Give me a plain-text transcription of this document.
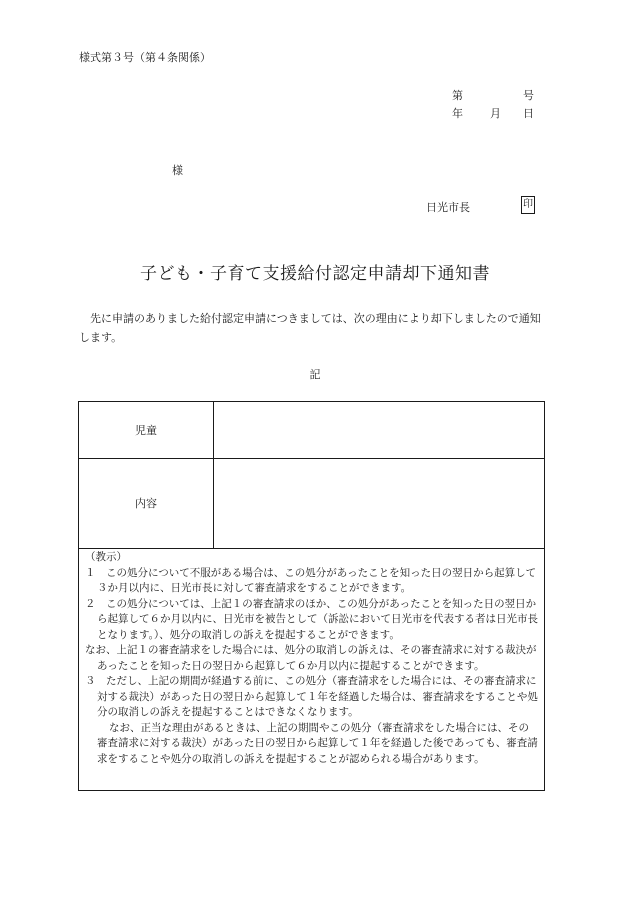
様式第３号（第４条関係）
第	号
年 月 日
様
日光市長	印
子ども・子育て支援給付認定申請却下通知書
先に申請のありました給付認定申請につきましては、次の理由により却下しましたので通知します。
記
児童
内容

（教示）

１　この処分について不服がある場合は、この処分があったことを知った日の翌日から起算して３か月以内に、日光市長に対して審査請求をすることができます。

２　この処分については、上記１の審査請求のほか、この処分があったことを知った日の翌日から起算して６か月以内に、日光市を被告として（訴訟において日光市を代表する者は日光市長となります。）、処分の取消しの訴えを提起することができます。

なお、上記１の審査請求をした場合には、処分の取消しの訴えは、その審査請求に対する裁決があったことを知った日の翌日から起算して６か月以内に提起することができます。

３　ただし、上記の期間が経過する前に、この処分（審査請求をした場合には、その審査請求に対する裁決）があった日の翌日から起算して１年を経過した場合は、審査請求をすることや処分の取消しの訴えを提起することはできなくなります。

なお、正当な理由があるときは、上記の期間やこの処分（審査請求をした場合には、その審査請求に対する裁決）があった日の翌日から起算して１年を経過した後であっても、審査請求をすることや処分の取消しの訴えを提起することが認められる場合があります。
